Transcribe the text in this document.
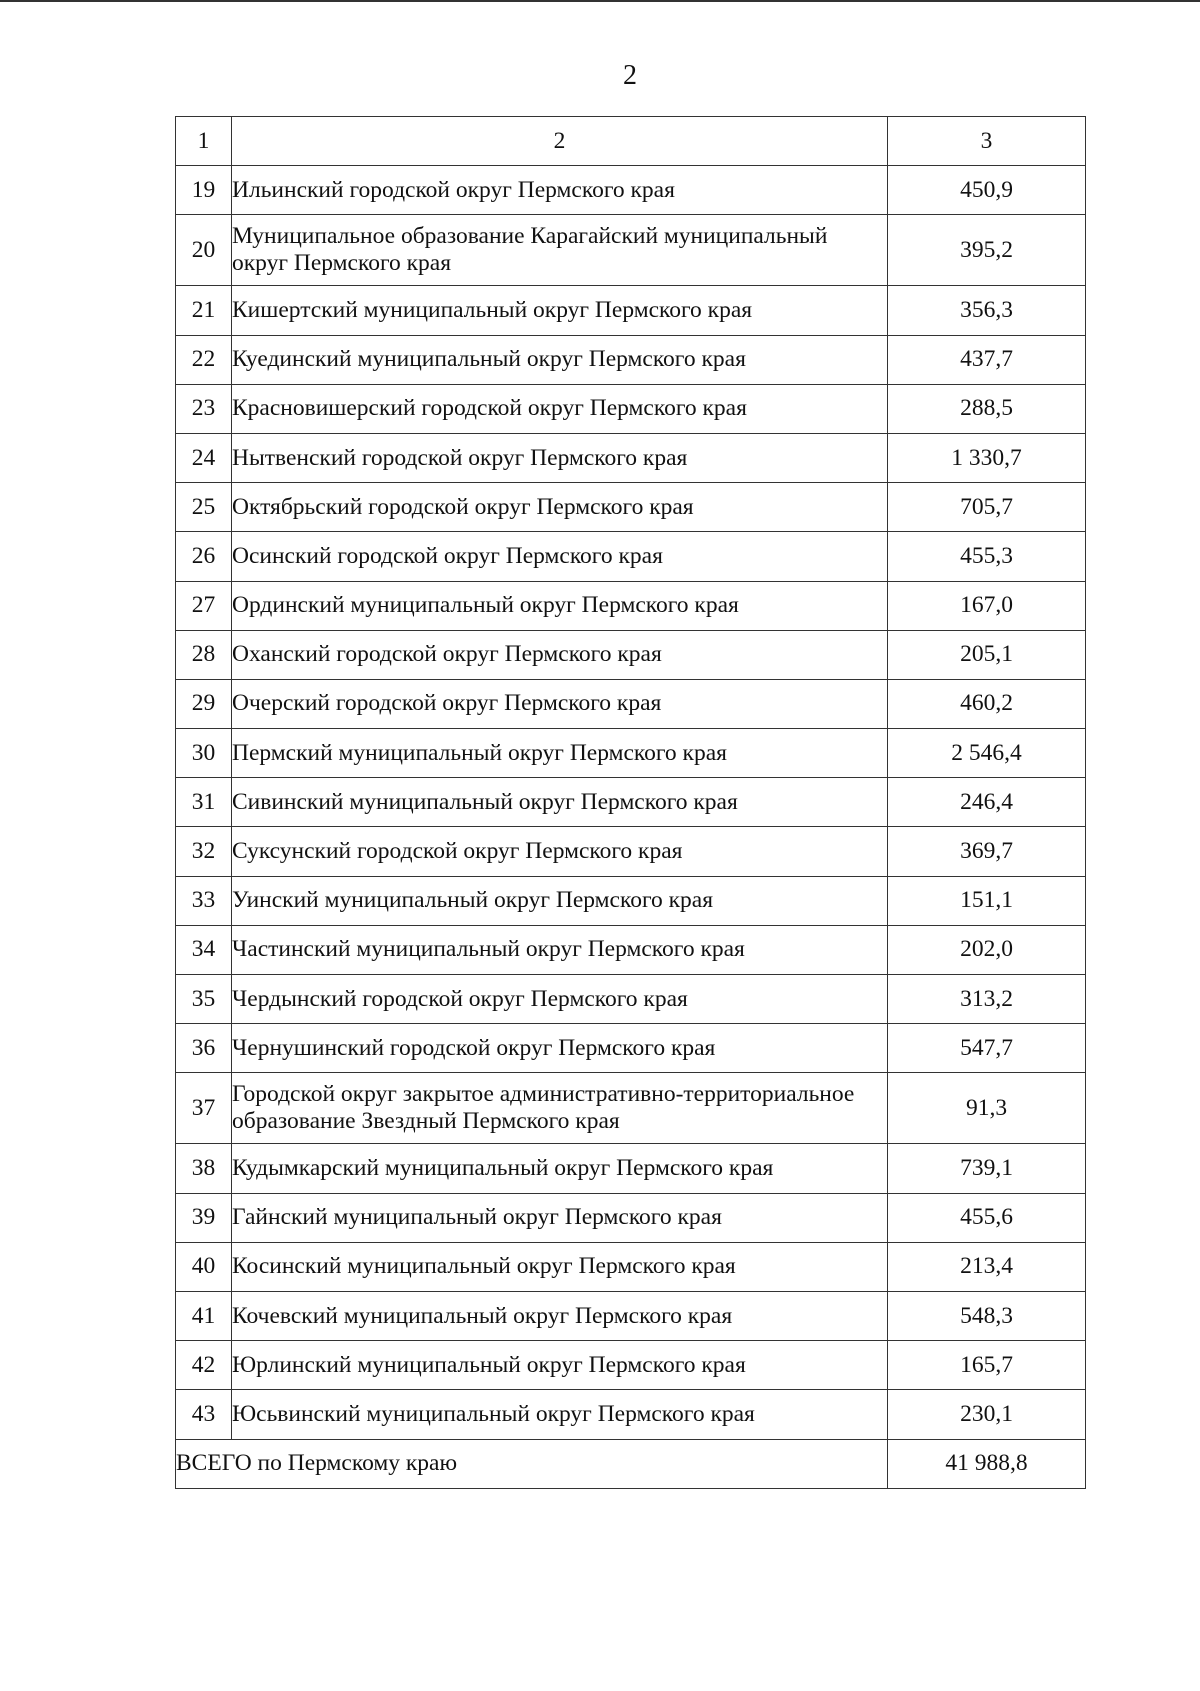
2
1	2	3
19	Ильинский городской округ Пермского края	450,9
20	Муниципальное образование Карагайский муниципальный округ Пермского края	395,2
21	Кишертский муниципальный округ Пермского края	356,3
22	Куединский муниципальный округ Пермского края	437,7
23	Красновишерский городской округ Пермского края	288,5
24	Нытвенский городской округ Пермского края	1 330,7
25	Октябрьский городской округ Пермского края	705,7
26	Осинский городской округ Пермского края	455,3
27	Ординский муниципальный округ Пермского края	167,0
28	Оханский городской округ Пермского края	205,1
29	Очерский городской округ Пермского края	460,2
30	Пермский муниципальный округ Пермского края	2 546,4
31	Сивинский муниципальный округ Пермского края	246,4
32	Суксунский городской округ Пермского края	369,7
33	Уинский муниципальный округ Пермского края	151,1
34	Частинский муниципальный округ Пермского края	202,0
35	Чердынский городской округ Пермского края	313,2
36	Чернушинский городской округ Пермского края	547,7
37	Городской округ закрытое административно-территориальное образование Звездный Пермского края	91,3
38	Кудымкарский муниципальный округ Пермского края	739,1
39	Гайнский муниципальный округ Пермского края	455,6
40	Косинский муниципальный округ Пермского края	213,4
41	Кочевский муниципальный округ Пермского края	548,3
42	Юрлинский муниципальный округ Пермского края	165,7
43	Юсьвинский муниципальный округ Пермского края	230,1
ВСЕГО по Пермскому краю		41 988,8
